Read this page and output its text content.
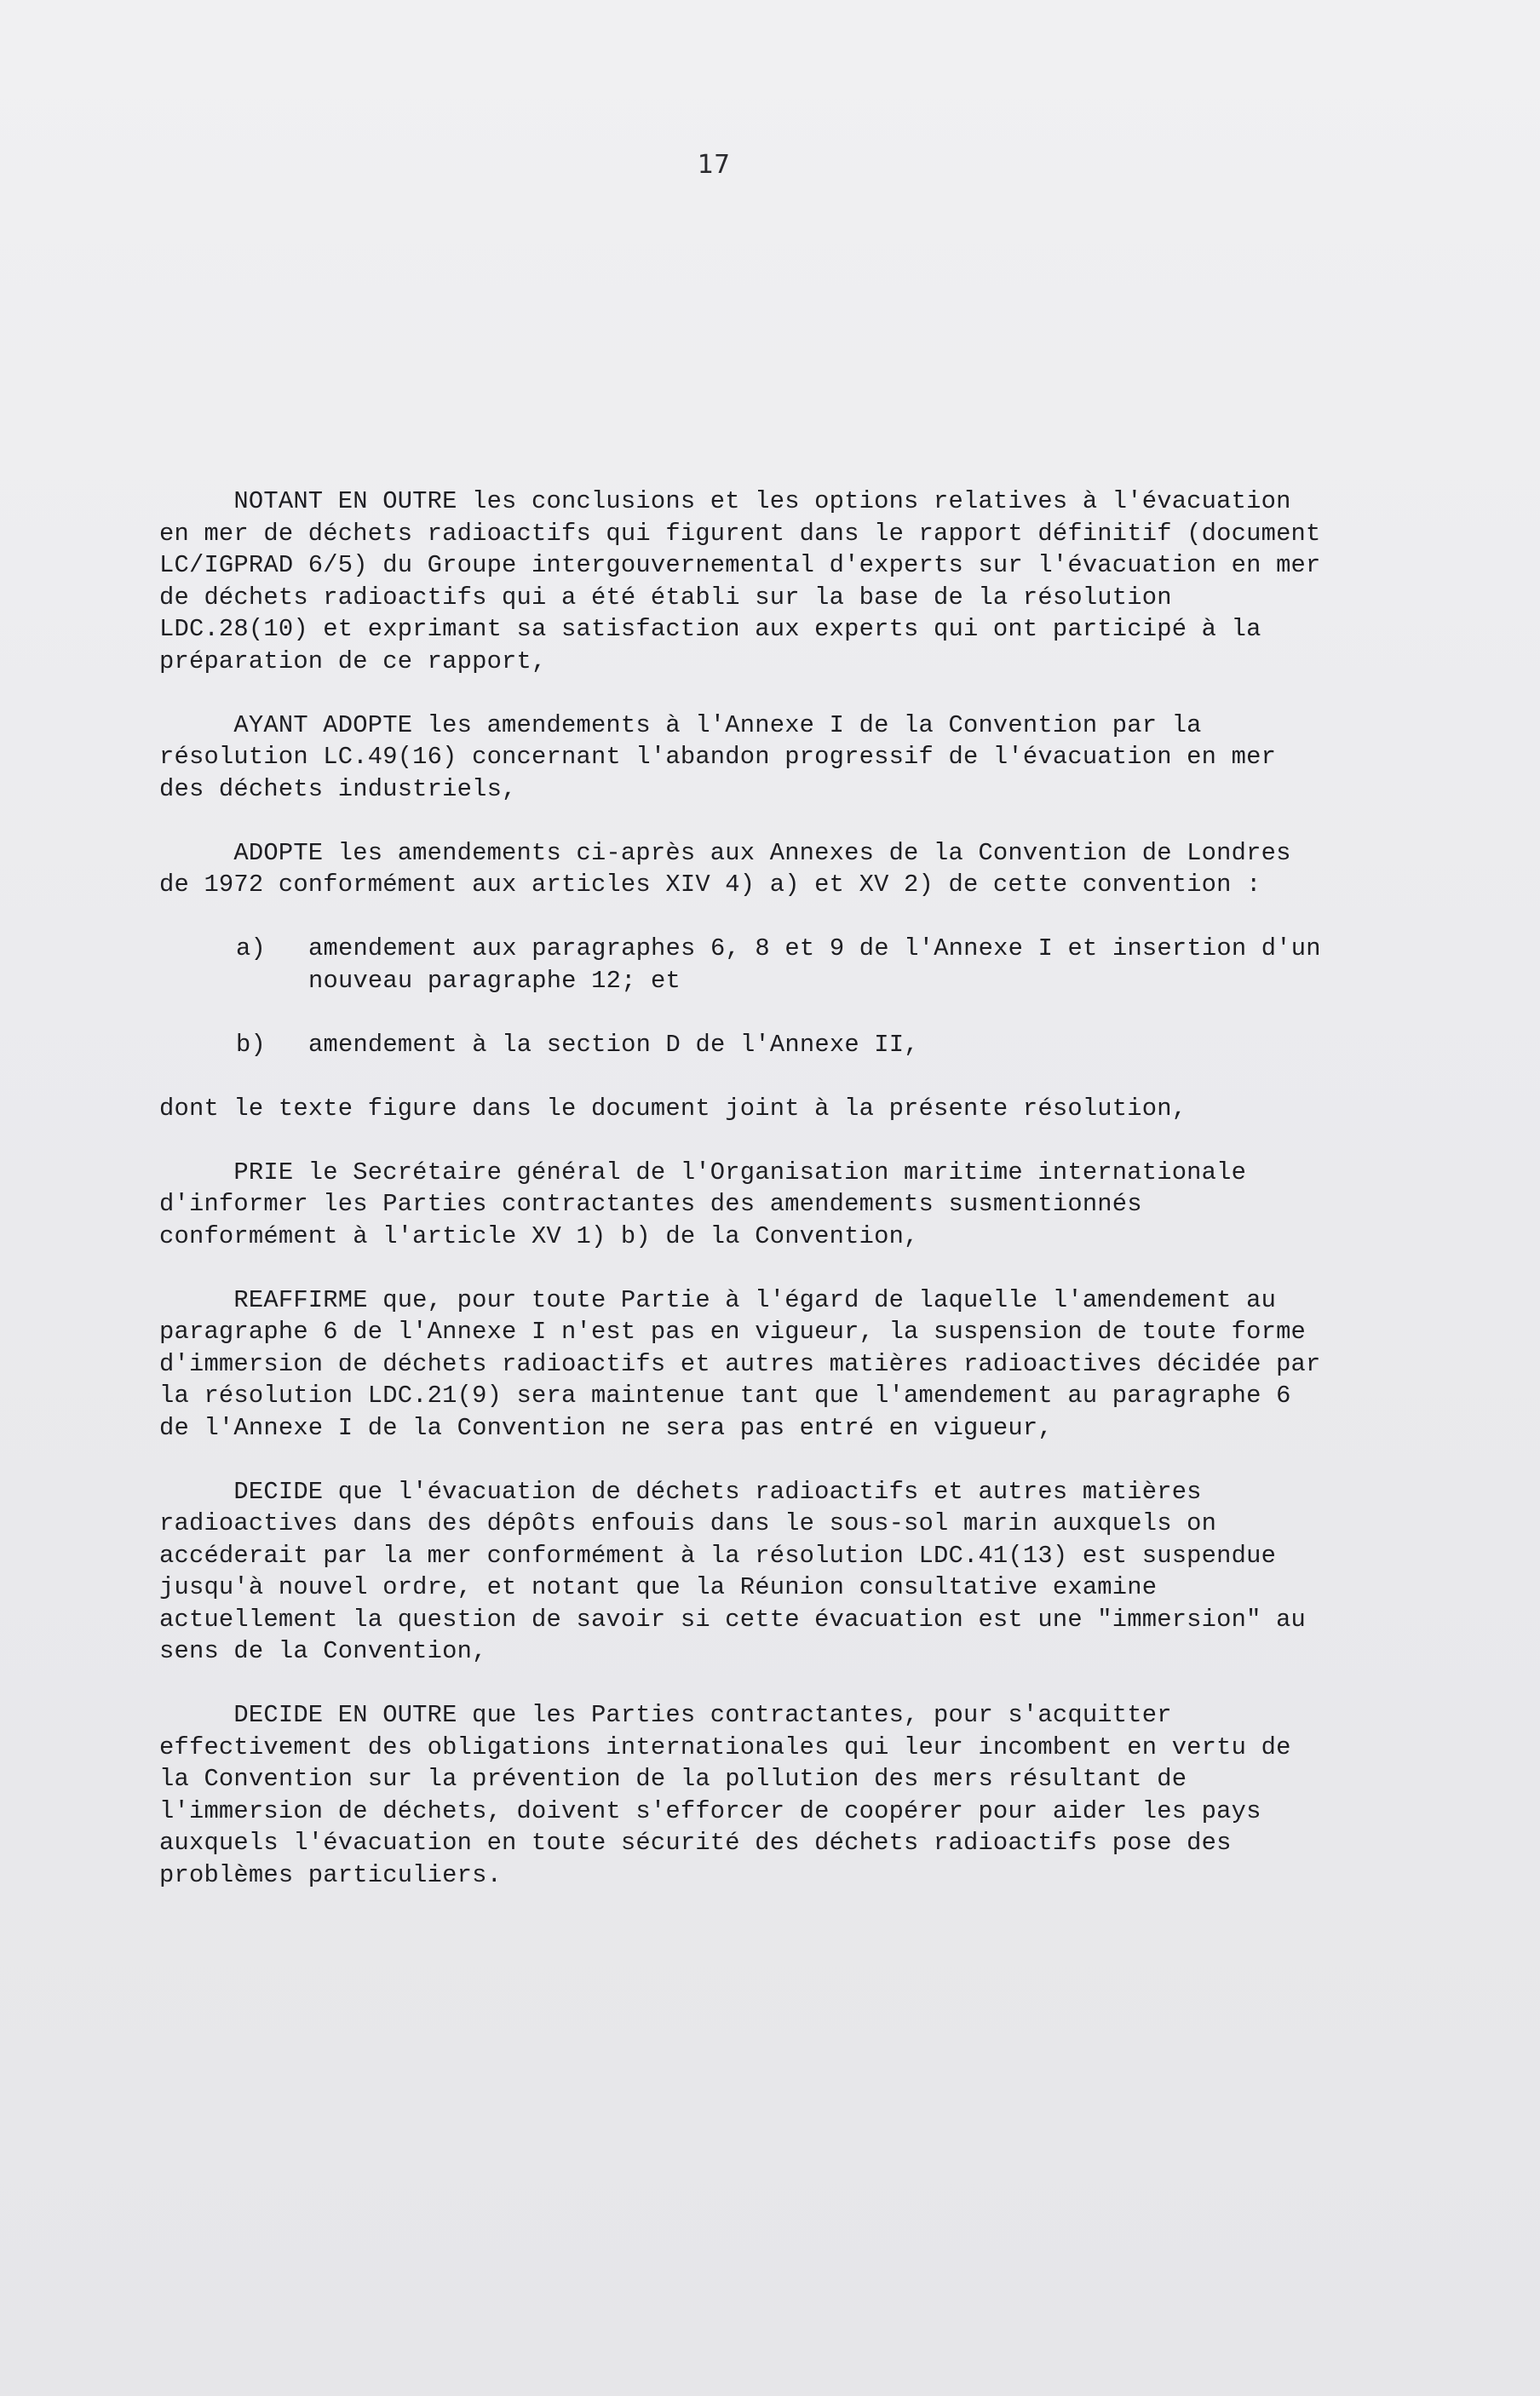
17
NOTANT EN OUTRE les conclusions et les options relatives à l'évacuation
en mer de déchets radioactifs qui figurent dans le rapport définitif (document
LC/IGPRAD 6/5) du Groupe intergouvernemental d'experts sur l'évacuation en mer
de déchets radioactifs qui a été établi sur la base de la résolution
LDC.28(10) et exprimant sa satisfaction aux experts qui ont participé à la
préparation de ce rapport,
AYANT ADOPTE les amendements à l'Annexe I de la Convention par la
résolution LC.49(16) concernant l'abandon progressif de l'évacuation en mer
des déchets industriels,
ADOPTE les amendements ci-après aux Annexes de la Convention de Londres
de 1972 conformément aux articles XIV 4) a) et XV 2) de cette convention :
a)	amendement aux paragraphes 6, 8 et 9 de l'Annexe I et insertion d'un
nouveau paragraphe 12; et
b)	amendement à la section D de l'Annexe II,
dont le texte figure dans le document joint à la présente résolution,
PRIE le Secrétaire général de l'Organisation maritime internationale
d'informer les Parties contractantes des amendements susmentionnés
conformément à l'article XV 1) b) de la Convention,
REAFFIRME que, pour toute Partie à l'égard de laquelle l'amendement au
paragraphe 6 de l'Annexe I n'est pas en vigueur, la suspension de toute forme
d'immersion de déchets radioactifs et autres matières radioactives décidée par
la résolution LDC.21(9) sera maintenue tant que l'amendement au paragraphe 6
de l'Annexe I de la Convention ne sera pas entré en vigueur,
DECIDE que l'évacuation de déchets radioactifs et autres matières
radioactives dans des dépôts enfouis dans le sous-sol marin auxquels on
accéderait par la mer conformément à la résolution LDC.41(13) est suspendue
jusqu'à nouvel ordre, et notant que la Réunion consultative examine
actuellement la question de savoir si cette évacuation est une "immersion" au
sens de la Convention,
DECIDE EN OUTRE que les Parties contractantes, pour s'acquitter
effectivement des obligations internationales qui leur incombent en vertu de
la Convention sur la prévention de la pollution des mers résultant de
l'immersion de déchets, doivent s'efforcer de coopérer pour aider les pays
auxquels l'évacuation en toute sécurité des déchets radioactifs pose des
problèmes particuliers.
